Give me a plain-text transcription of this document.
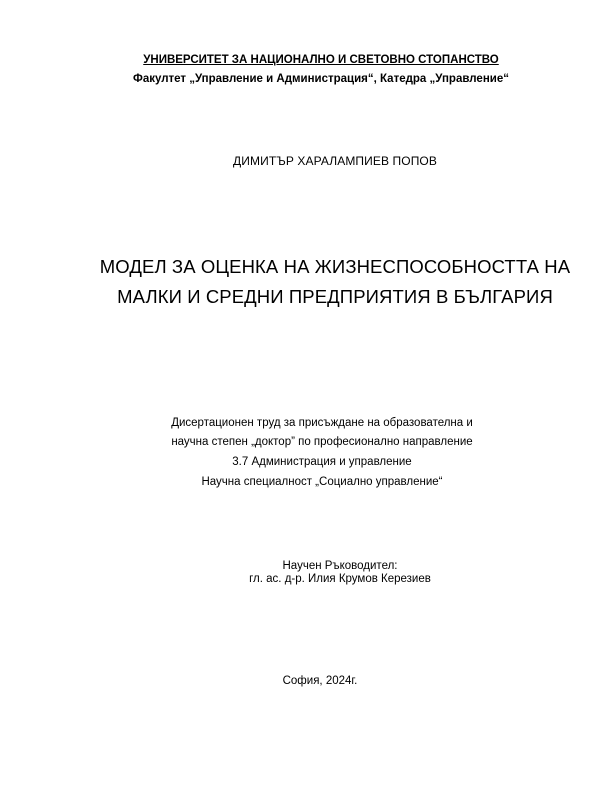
УНИВЕРСИТЕТ ЗА НАЦИОНАЛНО И СВЕТОВНО СТОПАНСТВО
Факултет „Управление и Администрация“, Катедра „Управление“
ДИМИТЪР ХАРАЛАМПИЕВ ПОПОВ
МОДЕЛ ЗА ОЦЕНКА НА ЖИЗНЕСПОСОБНОСТТА НА
МАЛКИ И СРЕДНИ ПРЕДПРИЯТИЯ В БЪЛГАРИЯ
Дисертационен труд за присъждане на образователна и
научна степен „доктор” по професионално направление
3.7 Администрация и управление
Научна специалност „Социално управление“
Научен Ръководител:
гл. ас. д-р. Илия Крумов Керезиев
София, 2024г.
